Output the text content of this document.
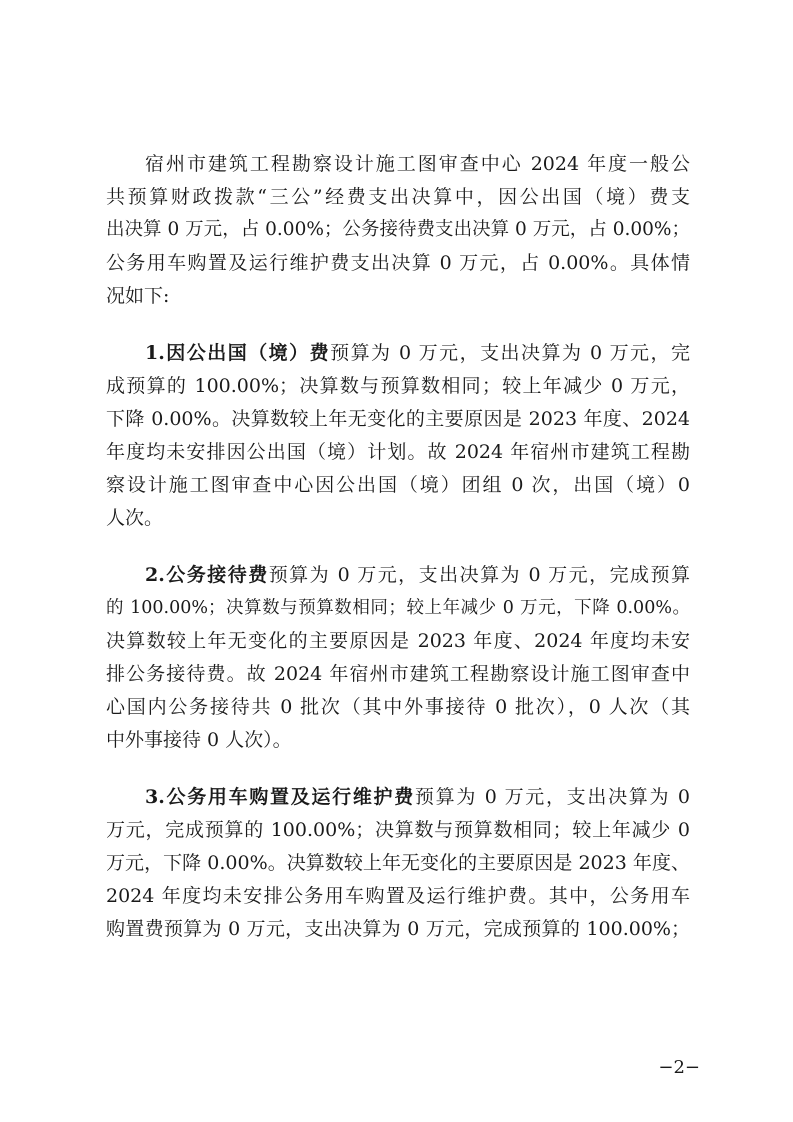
宿州市建筑工程勘察设计施工图审查中心 2024 年度一般公
共预算财政拨款“三公”经费支出决算中，因公出国（境）费支
出决算 0 万元，占 0.00%；公务接待费支出决算 0 万元，占 0.00%；
公务用车购置及运行维护费支出决算 0 万元，占 0.00%。具体情
况如下:
1.因公出国（境）费预算为 0 万元，支出决算为 0 万元，完
成预算的 100.00%；决算数与预算数相同；较上年减少 0 万元，
下降 0.00%。决算数较上年无变化的主要原因是 2023 年度、2024
年度均未安排因公出国（境）计划。故 2024 年宿州市建筑工程勘
察设计施工图审查中心因公出国（境）团组 0 次，出国（境）0
人次。
2.公务接待费预算为 0 万元，支出决算为 0 万元，完成预算
的 100.00%；决算数与预算数相同；较上年减少 0 万元，下降 0.00%。
决算数较上年无变化的主要原因是 2023 年度、2024 年度均未安
排公务接待费。故 2024 年宿州市建筑工程勘察设计施工图审查中
心国内公务接待共 0 批次（其中外事接待 0 批次），0 人次（其
中外事接待 0 人次）。
3.公务用车购置及运行维护费预算为 0 万元，支出决算为 0
万元，完成预算的 100.00%；决算数与预算数相同；较上年减少 0
万元，下降 0.00%。决算数较上年无变化的主要原因是 2023 年度、
2024 年度均未安排公务用车购置及运行维护费。其中，公务用车
购置费预算为 0 万元，支出决算为 0 万元，完成预算的 100.00%；
−2−
